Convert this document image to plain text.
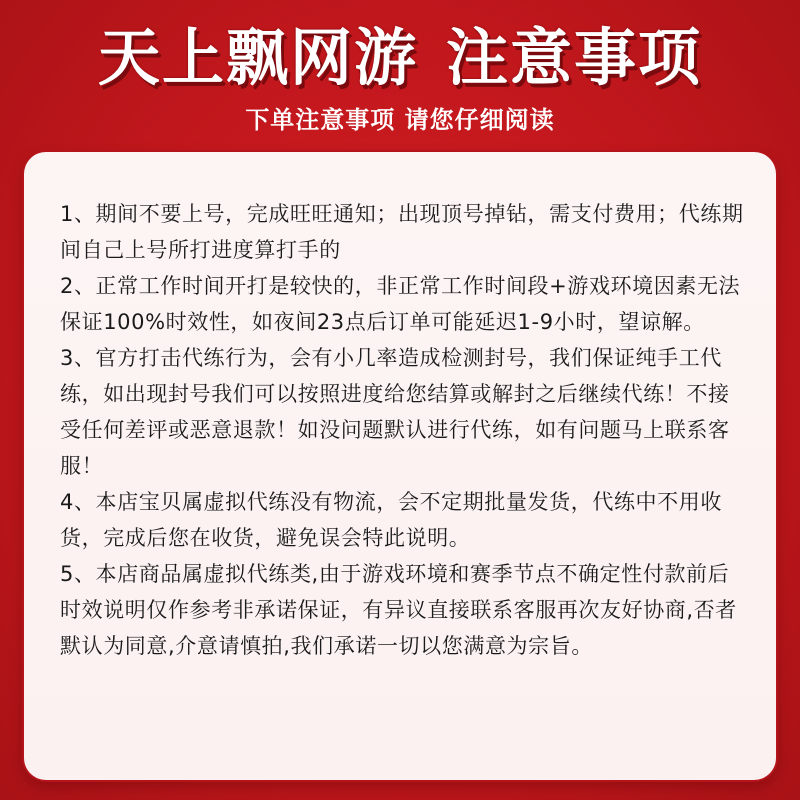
天上飘网游 注意事项
下单注意事项 请您仔细阅读
1、期间不要上号，完成旺旺通知；出现顶号掉钻，需支付费用；代练期间自己上号所打进度算打手的
2、正常工作时间开打是较快的，非正常工作时间段+游戏环境因素无法保证100%时效性，如夜间23点后订单可能延迟1-9小时，望谅解。
3、官方打击代练行为，会有小几率造成检测封号，我们保证纯手工代练，如出现封号我们可以按照进度给您结算或解封之后继续代练！不接受任何差评或恶意退款！如没问题默认进行代练，如有问题马上联系客服！
4、本店宝贝属虚拟代练没有物流，会不定期批量发货，代练中不用收货，完成后您在收货，避免误会特此说明。
5、本店商品属虚拟代练类,由于游戏环境和赛季节点不确定性付款前后时效说明仅作参考非承诺保证，有异议直接联系客服再次友好协商,否者默认为同意,介意请慎拍,我们承诺一切以您满意为宗旨。
